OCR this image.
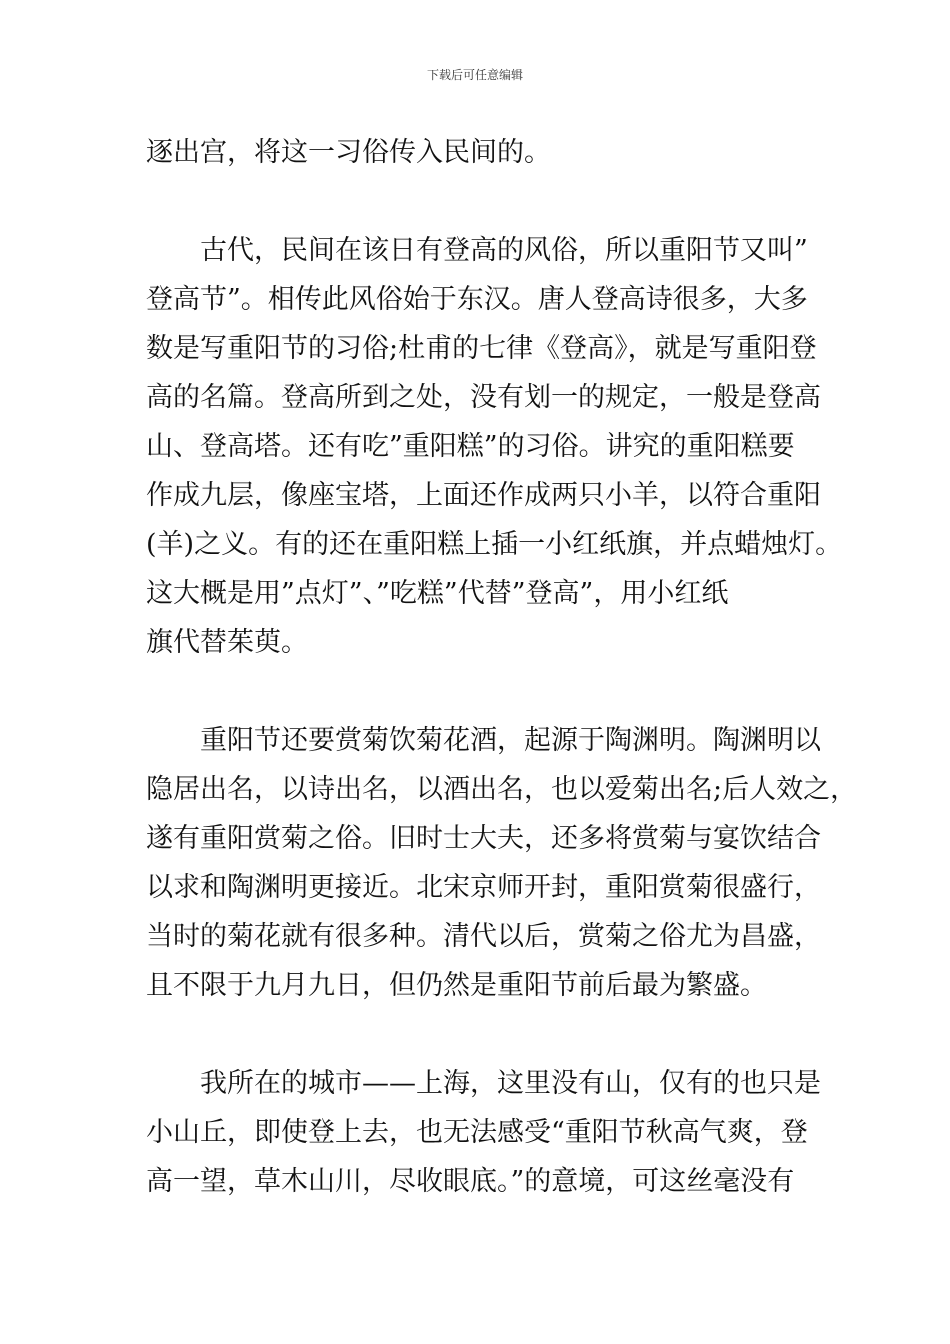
下载后可任意编辑
逐出宫，将这一习俗传入民间的。
古代，民间在该日有登高的风俗，所以重阳节又叫”
登高节”。相传此风俗始于东汉。唐人登高诗很多，大多
数是写重阳节的习俗;杜甫的七律《登高》，就是写重阳登
高的名篇。登高所到之处，没有划一的规定，一般是登高
山、登高塔。还有吃”重阳糕”的习俗。讲究的重阳糕要
作成九层，像座宝塔，上面还作成两只小羊，以符合重阳
(羊)之义。有的还在重阳糕上插一小红纸旗，并点蜡烛灯。
这大概是用”点灯”、”吃糕”代替”登高”，用小红纸
旗代替茱萸。
重阳节还要赏菊饮菊花酒，起源于陶渊明。陶渊明以
隐居出名，以诗出名，以酒出名，也以爱菊出名;后人效之，
遂有重阳赏菊之俗。旧时士大夫，还多将赏菊与宴饮结合
以求和陶渊明更接近。北宋京师开封，重阳赏菊很盛行，
当时的菊花就有很多种。清代以后，赏菊之俗尤为昌盛，
且不限于九月九日，但仍然是重阳节前后最为繁盛。
我所在的城市——上海，这里没有山，仅有的也只是
小山丘，即使登上去，也无法感受“重阳节秋高气爽，登
高一望，草木山川，尽收眼底。”的意境，可这丝毫没有
